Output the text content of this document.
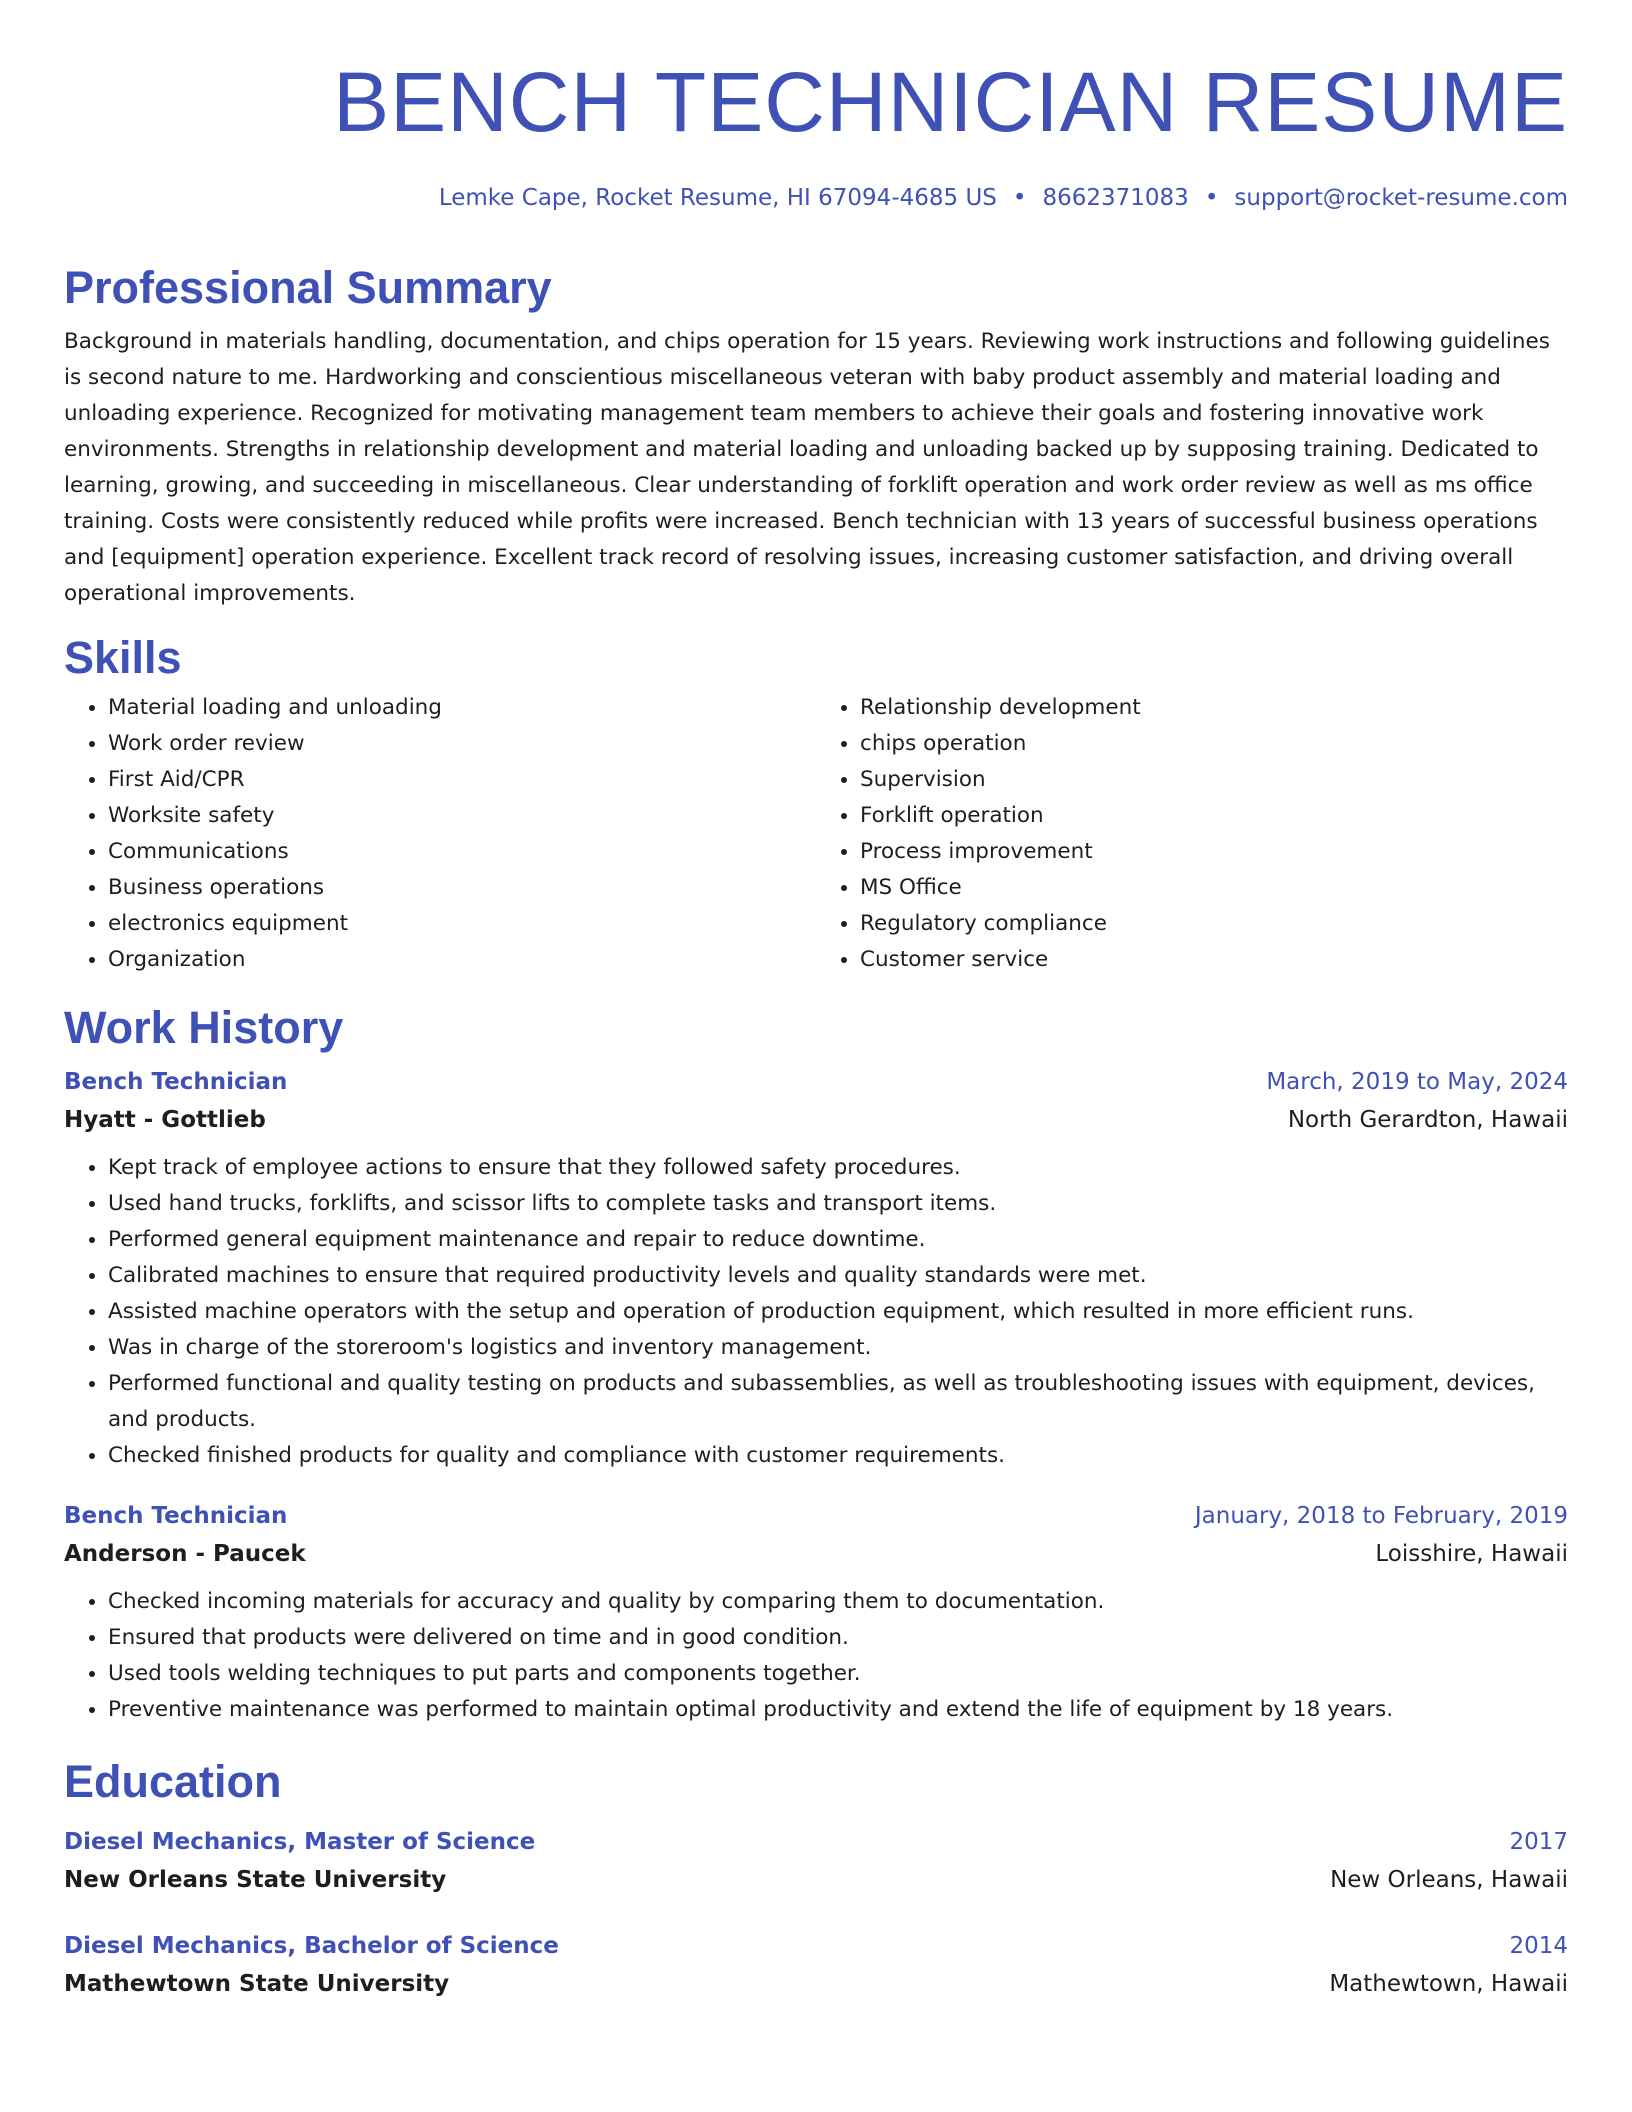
BENCH TECHNICIAN RESUME
Lemke Cape, Rocket Resume, HI 67094-4685 US • 8662371083 • support@rocket-resume.com
Professional Summary

Background in materials handling, documentation, and chips operation for 15 years. Reviewing work instructions and following guidelines is second nature to me. Hardworking and conscientious miscellaneous veteran with baby product assembly and material loading and unloading experience. Recognized for motivating management team members to achieve their goals and fostering innovative work environments. Strengths in relationship development and material loading and unloading backed up by supposing training. Dedicated to learning, growing, and succeeding in miscellaneous. Clear understanding of forklift operation and work order review as well as ms office training. Costs were consistently reduced while profits were increased. Bench technician with 13 years of successful business operations and [equipment] operation experience. Excellent track record of resolving issues, increasing customer satisfaction, and driving overall operational improvements.

Skills
• Material loading and unloading
• Work order review
• First Aid/CPR
• Worksite safety
• Communications
• Business operations
• electronics equipment
• Organization
• Relationship development
• chips operation
• Supervision
• Forklift operation
• Process improvement
• MS Office
• Regulatory compliance
• Customer service
Work History
Bench Technician	March, 2019 to May, 2024
Hyatt - Gottlieb	North Gerardton, Hawaii
• Kept track of employee actions to ensure that they followed safety procedures.
• Used hand trucks, forklifts, and scissor lifts to complete tasks and transport items.
• Performed general equipment maintenance and repair to reduce downtime.
• Calibrated machines to ensure that required productivity levels and quality standards were met.
• Assisted machine operators with the setup and operation of production equipment, which resulted in more efficient runs.
• Was in charge of the storeroom's logistics and inventory management.
• Performed functional and quality testing on products and subassemblies, as well as troubleshooting issues with equipment, devices, and products.
• Checked finished products for quality and compliance with customer requirements.
Bench Technician	January, 2018 to February, 2019
Anderson - Paucek	Loisshire, Hawaii
• Checked incoming materials for accuracy and quality by comparing them to documentation.
• Ensured that products were delivered on time and in good condition.
• Used tools welding techniques to put parts and components together.
• Preventive maintenance was performed to maintain optimal productivity and extend the life of equipment by 18 years.
Education
Diesel Mechanics, Master of Science	2017
New Orleans State University	New Orleans, Hawaii
Diesel Mechanics, Bachelor of Science	2014
Mathewtown State University	Mathewtown, Hawaii
